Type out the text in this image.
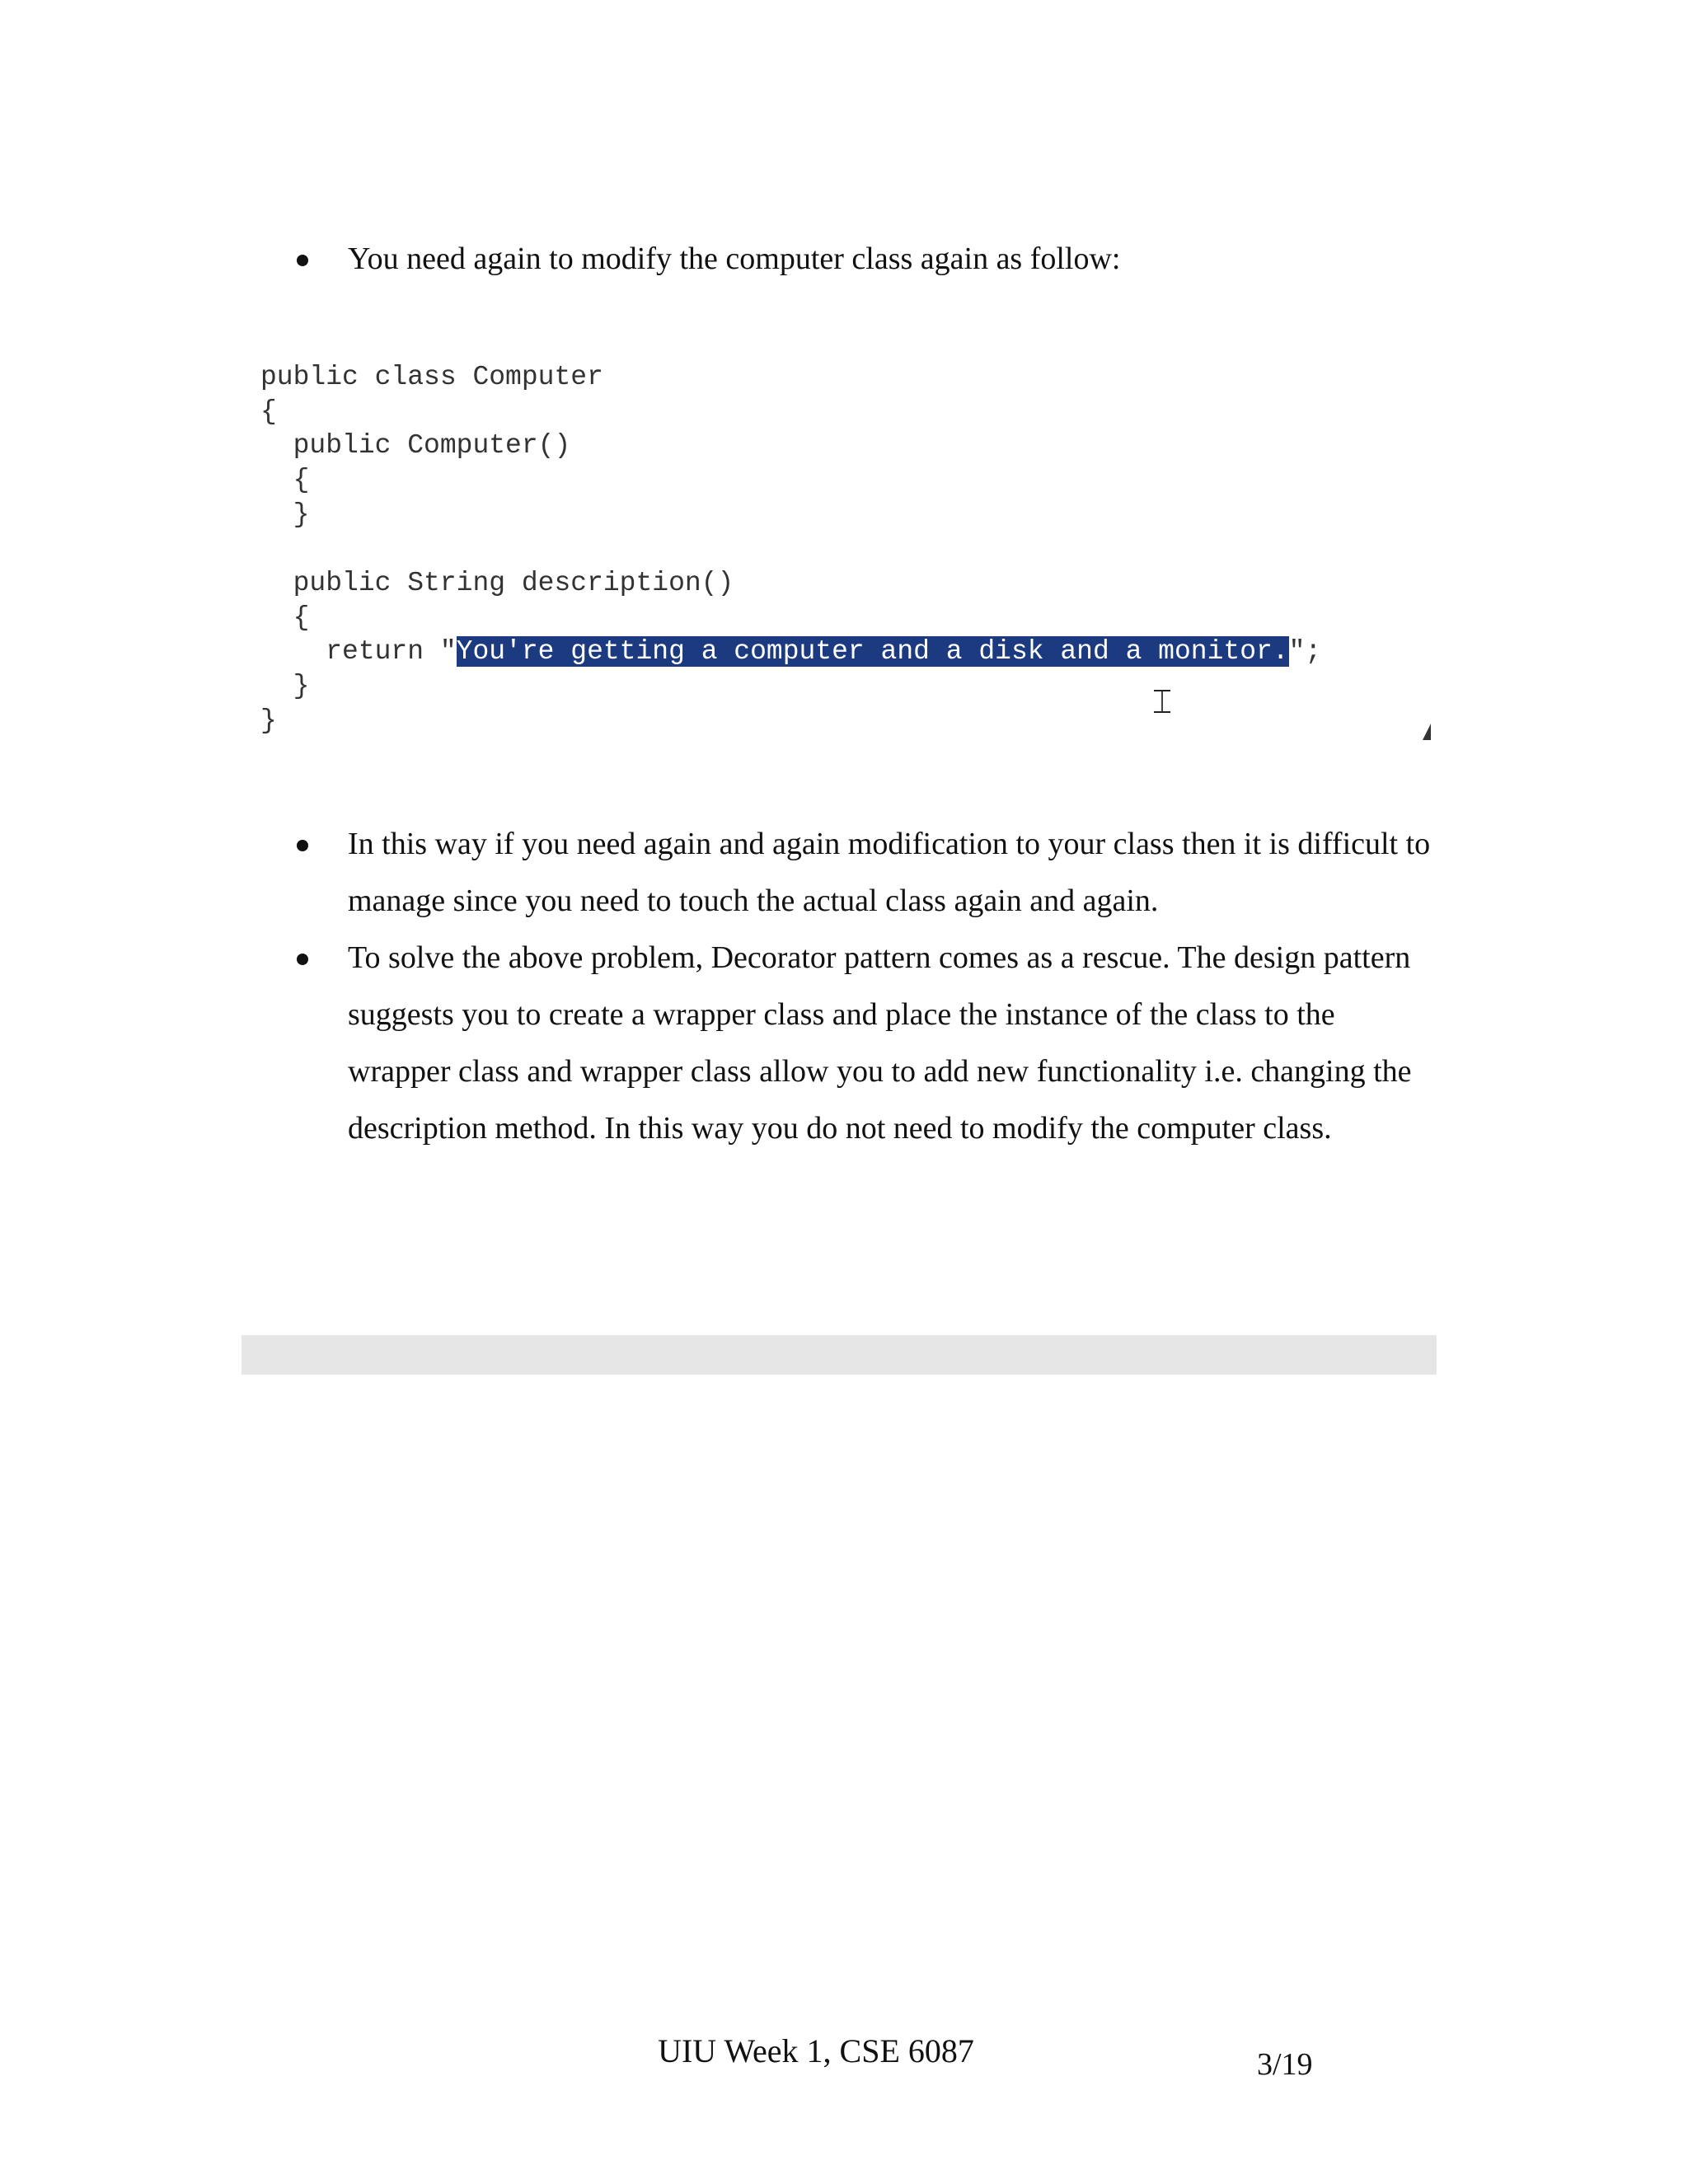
You need again to modify the computer class again as follow:
public class Computer
{
public Computer()
{
}
public String description()
{
return "You're getting a computer and a disk and a monitor.";
}
}
⌶
In this way if you need again and again modification to your class then it is difficult to manage since you need to touch the actual class again and again.
To solve the above problem, Decorator pattern comes as a rescue. The design pattern suggests you to create a wrapper class and place the instance of the class to the wrapper class and wrapper class allow you to add new functionality i.e. changing the description method. In this way you do not need to modify the computer class.
UIU Week 1, CSE 6087	3/19
